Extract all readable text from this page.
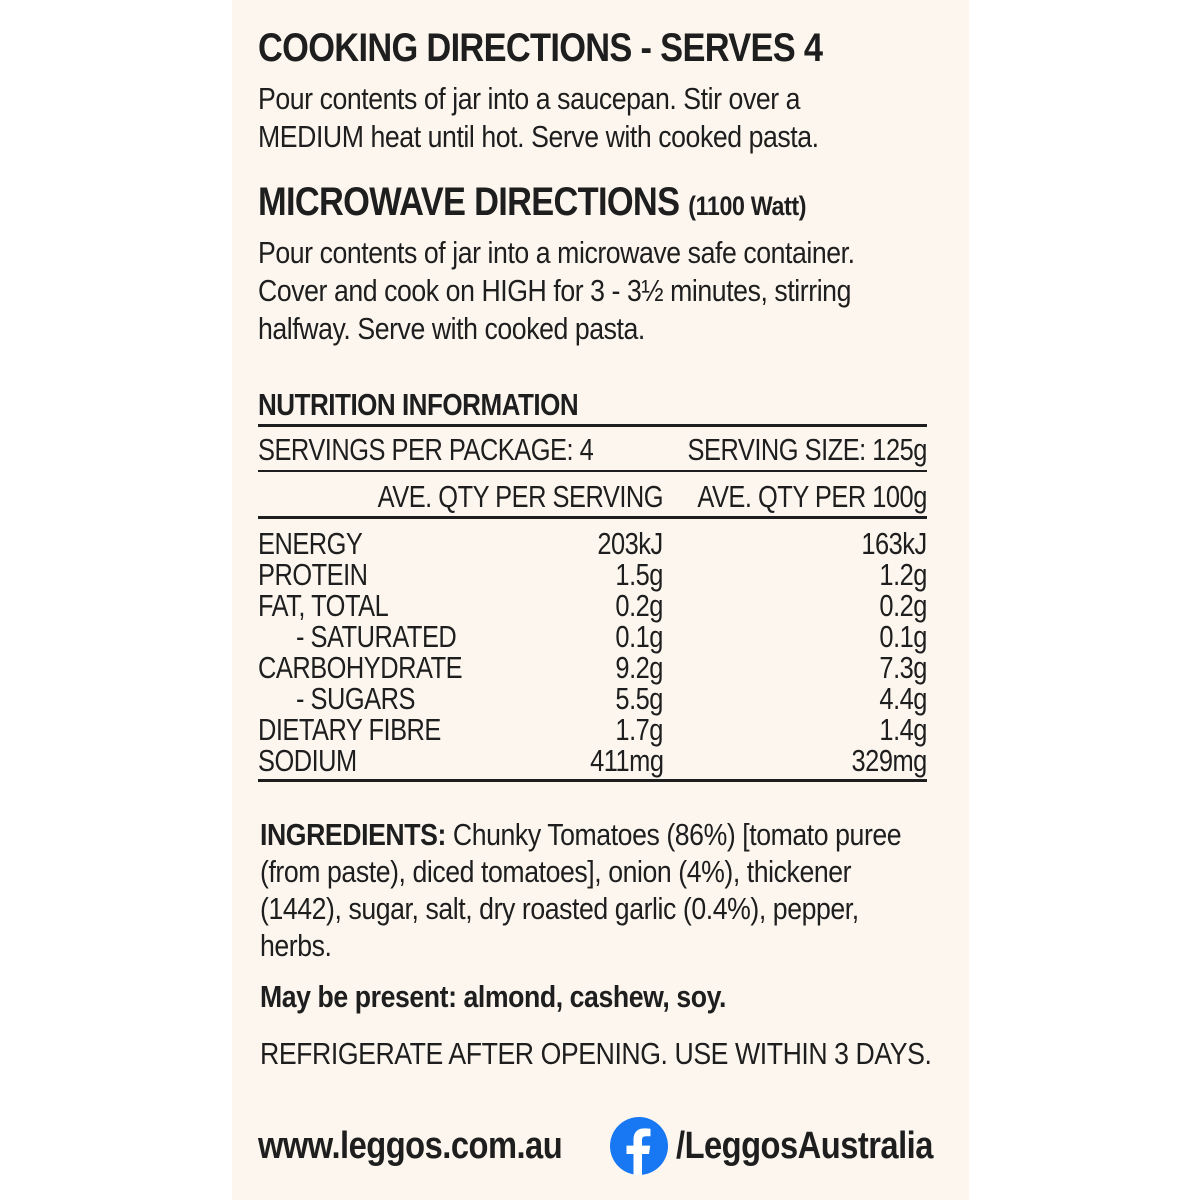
COOKING DIRECTIONS - SERVES 4
Pour contents of jar into a saucepan. Stir over a
MEDIUM heat until hot. Serve with cooked pasta.
MICROWAVE DIRECTIONS (1100 Watt)
Pour contents of jar into a microwave safe container.
Cover and cook on HIGH for 3 - 3½ minutes, stirring
halfway. Serve with cooked pasta.
NUTRITION INFORMATION
SERVINGS PER PACKAGE: 4	SERVING SIZE: 125g
AVE. QTY PER SERVING AVE. QTY PER 100g
ENERGY	203kJ	163kJ
PROTEIN	1.5g	1.2g
FAT, TOTAL	0.2g	0.2g
- SATURATED	0.1g	0.1g
CARBOHYDRATE	9.2g	7.3g
- SUGARS	5.5g	4.4g
DIETARY FIBRE	1.7g	1.4g
SODIUM	411mg	329mg
INGREDIENTS: Chunky Tomatoes (86%) [tomato puree
(from paste), diced tomatoes], onion (4%), thickener
(1442), sugar, salt, dry roasted garlic (0.4%), pepper,
herbs.
May be present: almond, cashew, soy.
REFRIGERATE AFTER OPENING. USE WITHIN 3 DAYS.
www.leggos.com.au	/LeggosAustralia
